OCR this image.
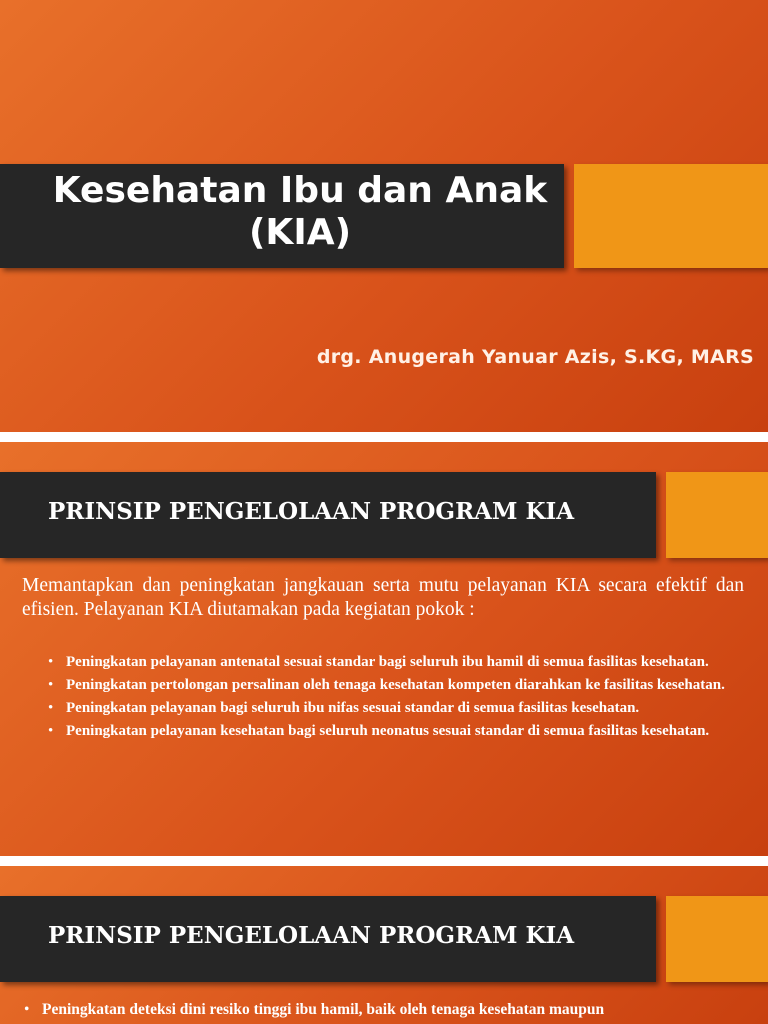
Kesehatan Ibu dan Anak
(KIA)
drg. Anugerah Yanuar Azis, S.KG, MARS
PRINSIP PENGELOLAAN PROGRAM KIA

Memantapkan dan peningkatan jangkauan serta mutu pelayanan KIA secara efektif dan efisien. Pelayanan KIA diutamakan pada kegiatan pokok :

• Peningkatan pelayanan antenatal sesuai standar bagi seluruh ibu hamil di semua fasilitas kesehatan.
• Peningkatan pertolongan persalinan oleh tenaga kesehatan kompeten diarahkan ke fasilitas kesehatan.
• Peningkatan pelayanan bagi seluruh ibu nifas sesuai standar di semua fasilitas kesehatan.
• Peningkatan pelayanan kesehatan bagi seluruh neonatus sesuai standar di semua fasilitas kesehatan.
PRINSIP PENGELOLAAN PROGRAM KIA
• Peningkatan deteksi dini resiko tinggi ibu hamil, baik oleh tenaga kesehatan maupun
